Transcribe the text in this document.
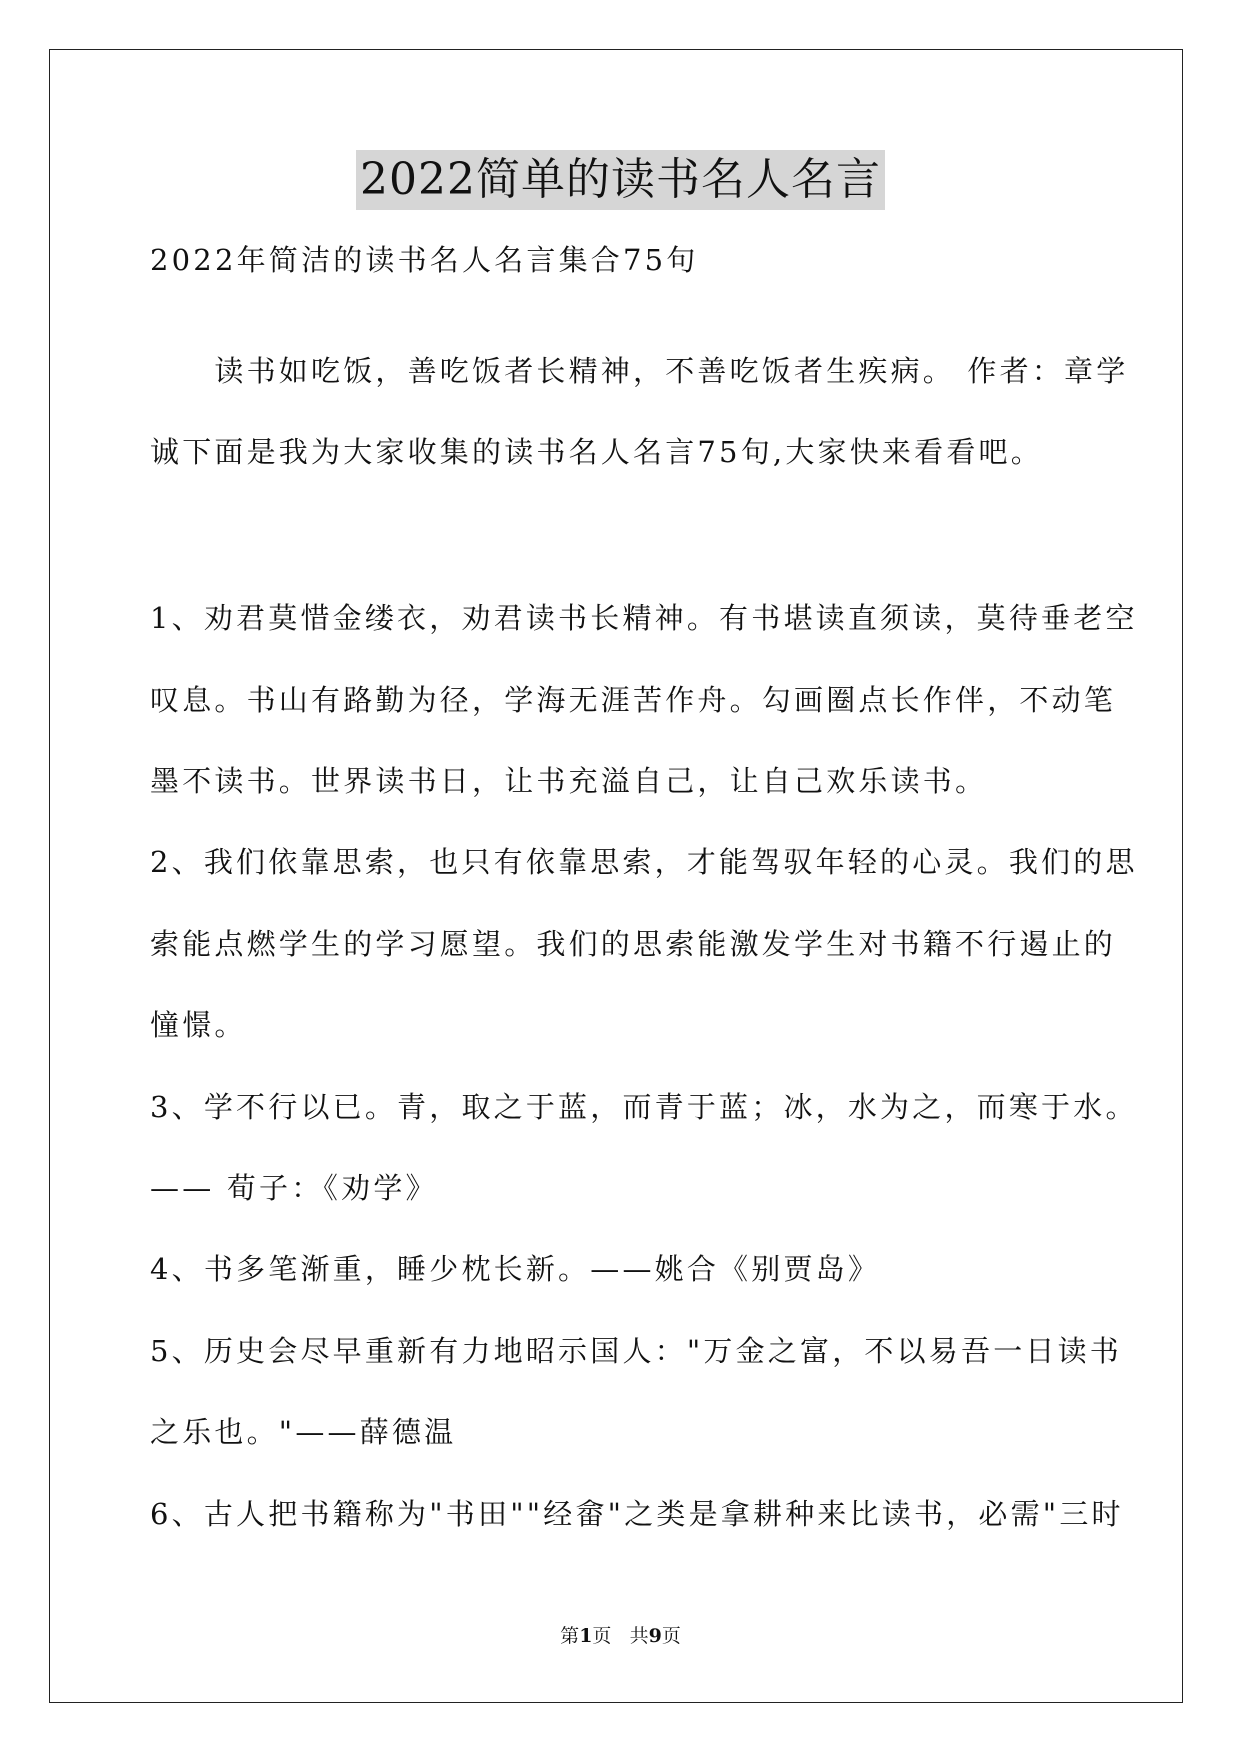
2022简单的读书名人名言
2022年简洁的读书名人名言集合75句
　　读书如吃饭，善吃饭者长精神，不善吃饭者生疾病。 作者：章学
诚下面是我为大家收集的读书名人名言75句,大家快来看看吧。
1、劝君莫惜金缕衣，劝君读书长精神。有书堪读直须读，莫待垂老空
叹息。书山有路勤为径，学海无涯苦作舟。勾画圈点长作伴，不动笔
墨不读书。世界读书日，让书充溢自己，让自己欢乐读书。
2、我们依靠思索，也只有依靠思索，才能驾驭年轻的心灵。我们的思
索能点燃学生的学习愿望。我们的思索能激发学生对书籍不行遏止的
憧憬。
3、学不行以已。青，取之于蓝，而青于蓝；冰，水为之，而寒于水。
—— 荀子：《劝学》
4、书多笔渐重，睡少枕长新。——姚合《别贾岛》
5、历史会尽早重新有力地昭示国人："万金之富，不以易吾一日读书
之乐也。"——薛德温
6、古人把书籍称为"书田""经畲"之类是拿耕种来比读书，必需"三时
第1页 共9页
